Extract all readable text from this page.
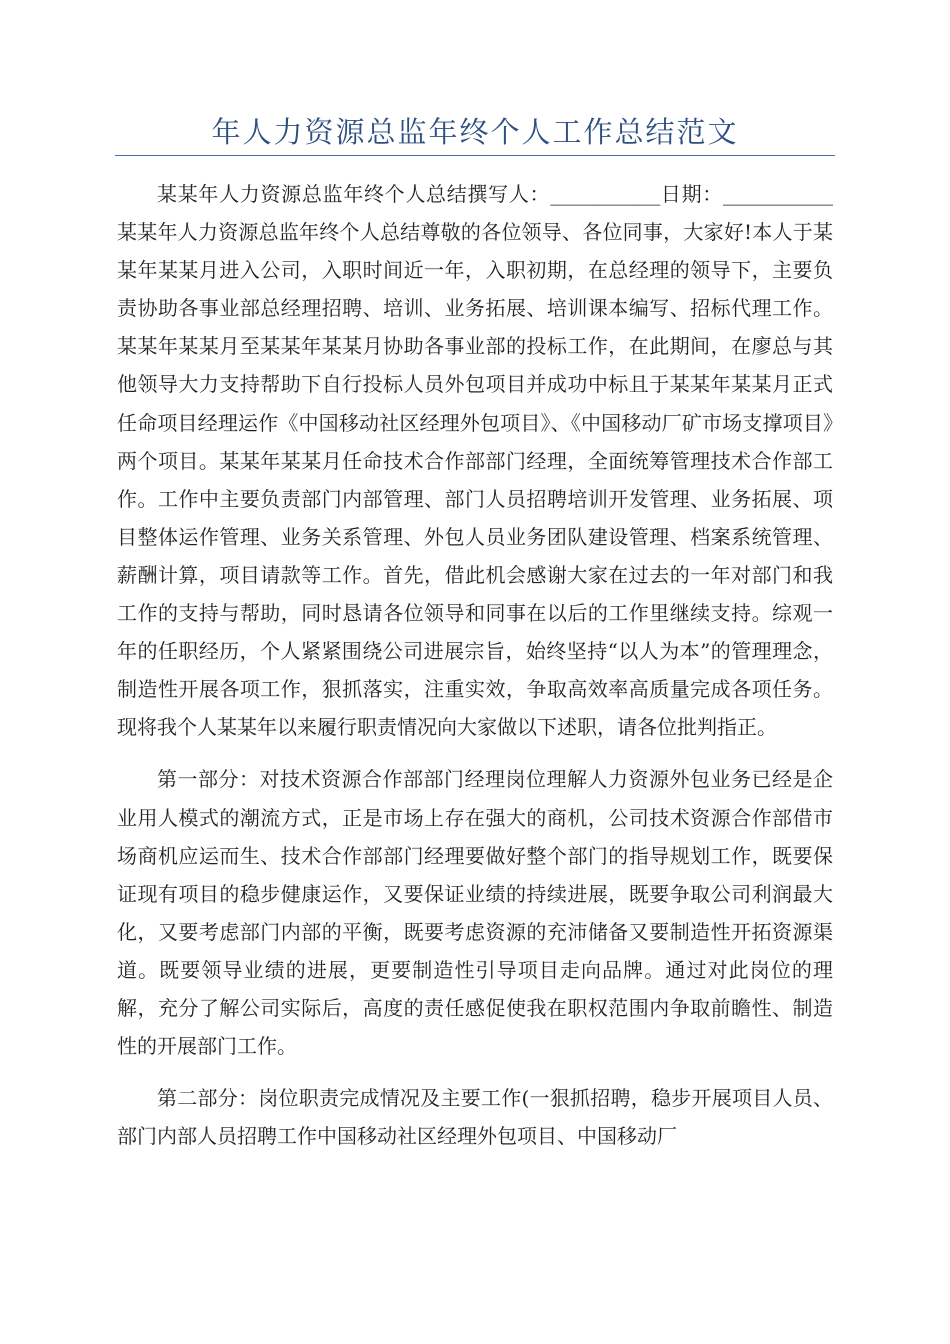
年人力资源总监年终个人工作总结范文

某某年人力资源总监年终个人总结撰写人：___________日期：___________某某年人力资源总监年终个人总结尊敬的各位领导、各位同事，大家好!本人于某某年某某月进入公司，入职时间近一年，入职初期，在总经理的领导下，主要负责协助各事业部总经理招聘、培训、业务拓展、培训课本编写、招标代理工作。某某年某某月至某某年某某月协助各事业部的投标工作，在此期间，在廖总与其他领导大力支持帮助下自行投标人员外包项目并成功中标且于某某年某某月正式任命项目经理运作《中国移动社区经理外包项目》、《中国移动厂矿市场支撑项目》两个项目。某某年某某月任命技术合作部部门经理，全面统筹管理技术合作部工作。工作中主要负责部门内部管理、部门人员招聘培训开发管理、业务拓展、项目整体运作管理、业务关系管理、外包人员业务团队建设管理、档案系统管理、薪酬计算，项目请款等工作。首先，借此机会感谢大家在过去的一年对部门和我工作的支持与帮助，同时恳请各位领导和同事在以后的工作里继续支持。综观一年的任职经历，个人紧紧围绕公司进展宗旨，始终坚持“以人为本”的管理理念，制造性开展各项工作，狠抓落实，注重实效，争取高效率高质量完成各项任务。现将我个人某某年以来履行职责情况向大家做以下述职，请各位批判指正。

第一部分：对技术资源合作部部门经理岗位理解人力资源外包业务已经是企业用人模式的潮流方式，正是市场上存在强大的商机，公司技术资源合作部借市场商机应运而生、技术合作部部门经理要做好整个部门的指导规划工作，既要保证现有项目的稳步健康运作，又要保证业绩的持续进展，既要争取公司利润最大化，又要考虑部门内部的平衡，既要考虑资源的充沛储备又要制造性开拓资源渠道。既要领导业绩的进展，更要制造性引导项目走向品牌。通过对此岗位的理解，充分了解公司实际后，高度的责任感促使我在职权范围内争取前瞻性、制造性的开展部门工作。

第二部分：岗位职责完成情况及主要工作(一狠抓招聘，稳步开展项目人员、部门内部人员招聘工作中国移动社区经理外包项目、中国移动厂
